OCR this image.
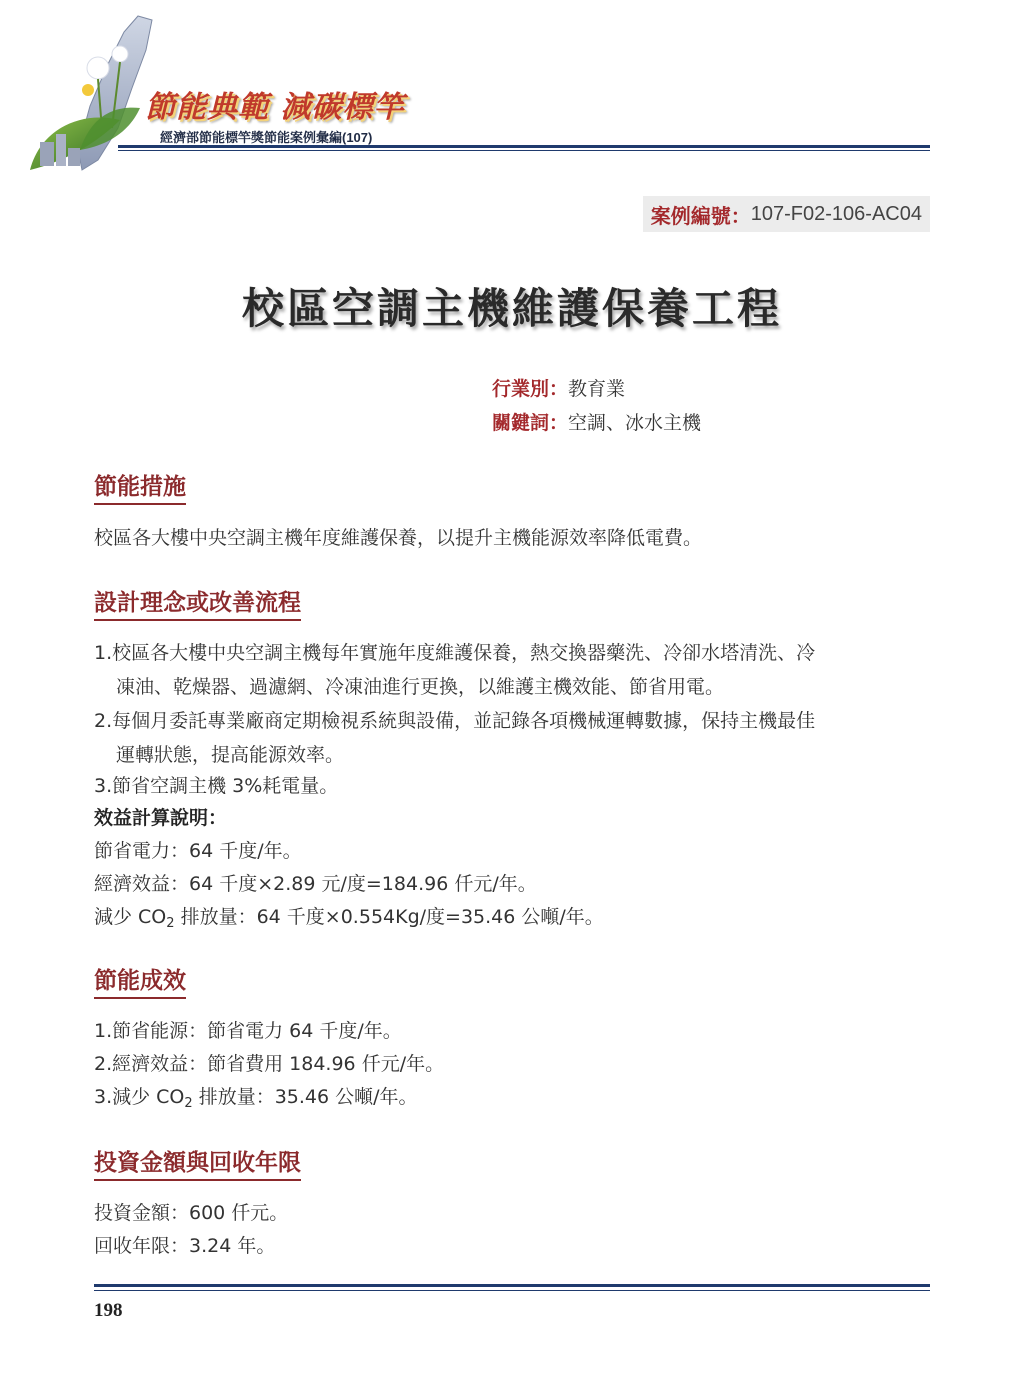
節能典範 減碳標竿
經濟部節能標竿獎節能案例彙編(107)
案例編號： 107-F02-106-AC04
校區空調主機維護保養工程
行業別：教育業
關鍵詞：空調、冰水主機
節能措施
校區各大樓中央空調主機年度維護保養，以提升主機能源效率降低電費。
設計理念或改善流程
1.校區各大樓中央空調主機每年實施年度維護保養，熱交換器藥洗、冷卻水塔清洗、冷
凍油、乾燥器、過濾網、冷凍油進行更換，以維護主機效能、節省用電。
2.每個月委託專業廠商定期檢視系統與設備，並記錄各項機械運轉數據，保持主機最佳
運轉狀態，提高能源效率。
3.節省空調主機 3%耗電量。
效益計算說明：
節省電力：64 千度/年。
經濟效益：64 千度×2.89 元/度=184.96 仟元/年。
減少 $CO_2$ 排放量：64 千度×0.554Kg/度=35.46 公噸/年。
節能成效
1.節省能源：節省電力 64 千度/年。
2.經濟效益：節省費用 184.96 仟元/年。
3.減少 $CO_2$ 排放量：35.46 公噸/年。
投資金額與回收年限
投資金額：600 仟元。
回收年限：3.24 年。
198
